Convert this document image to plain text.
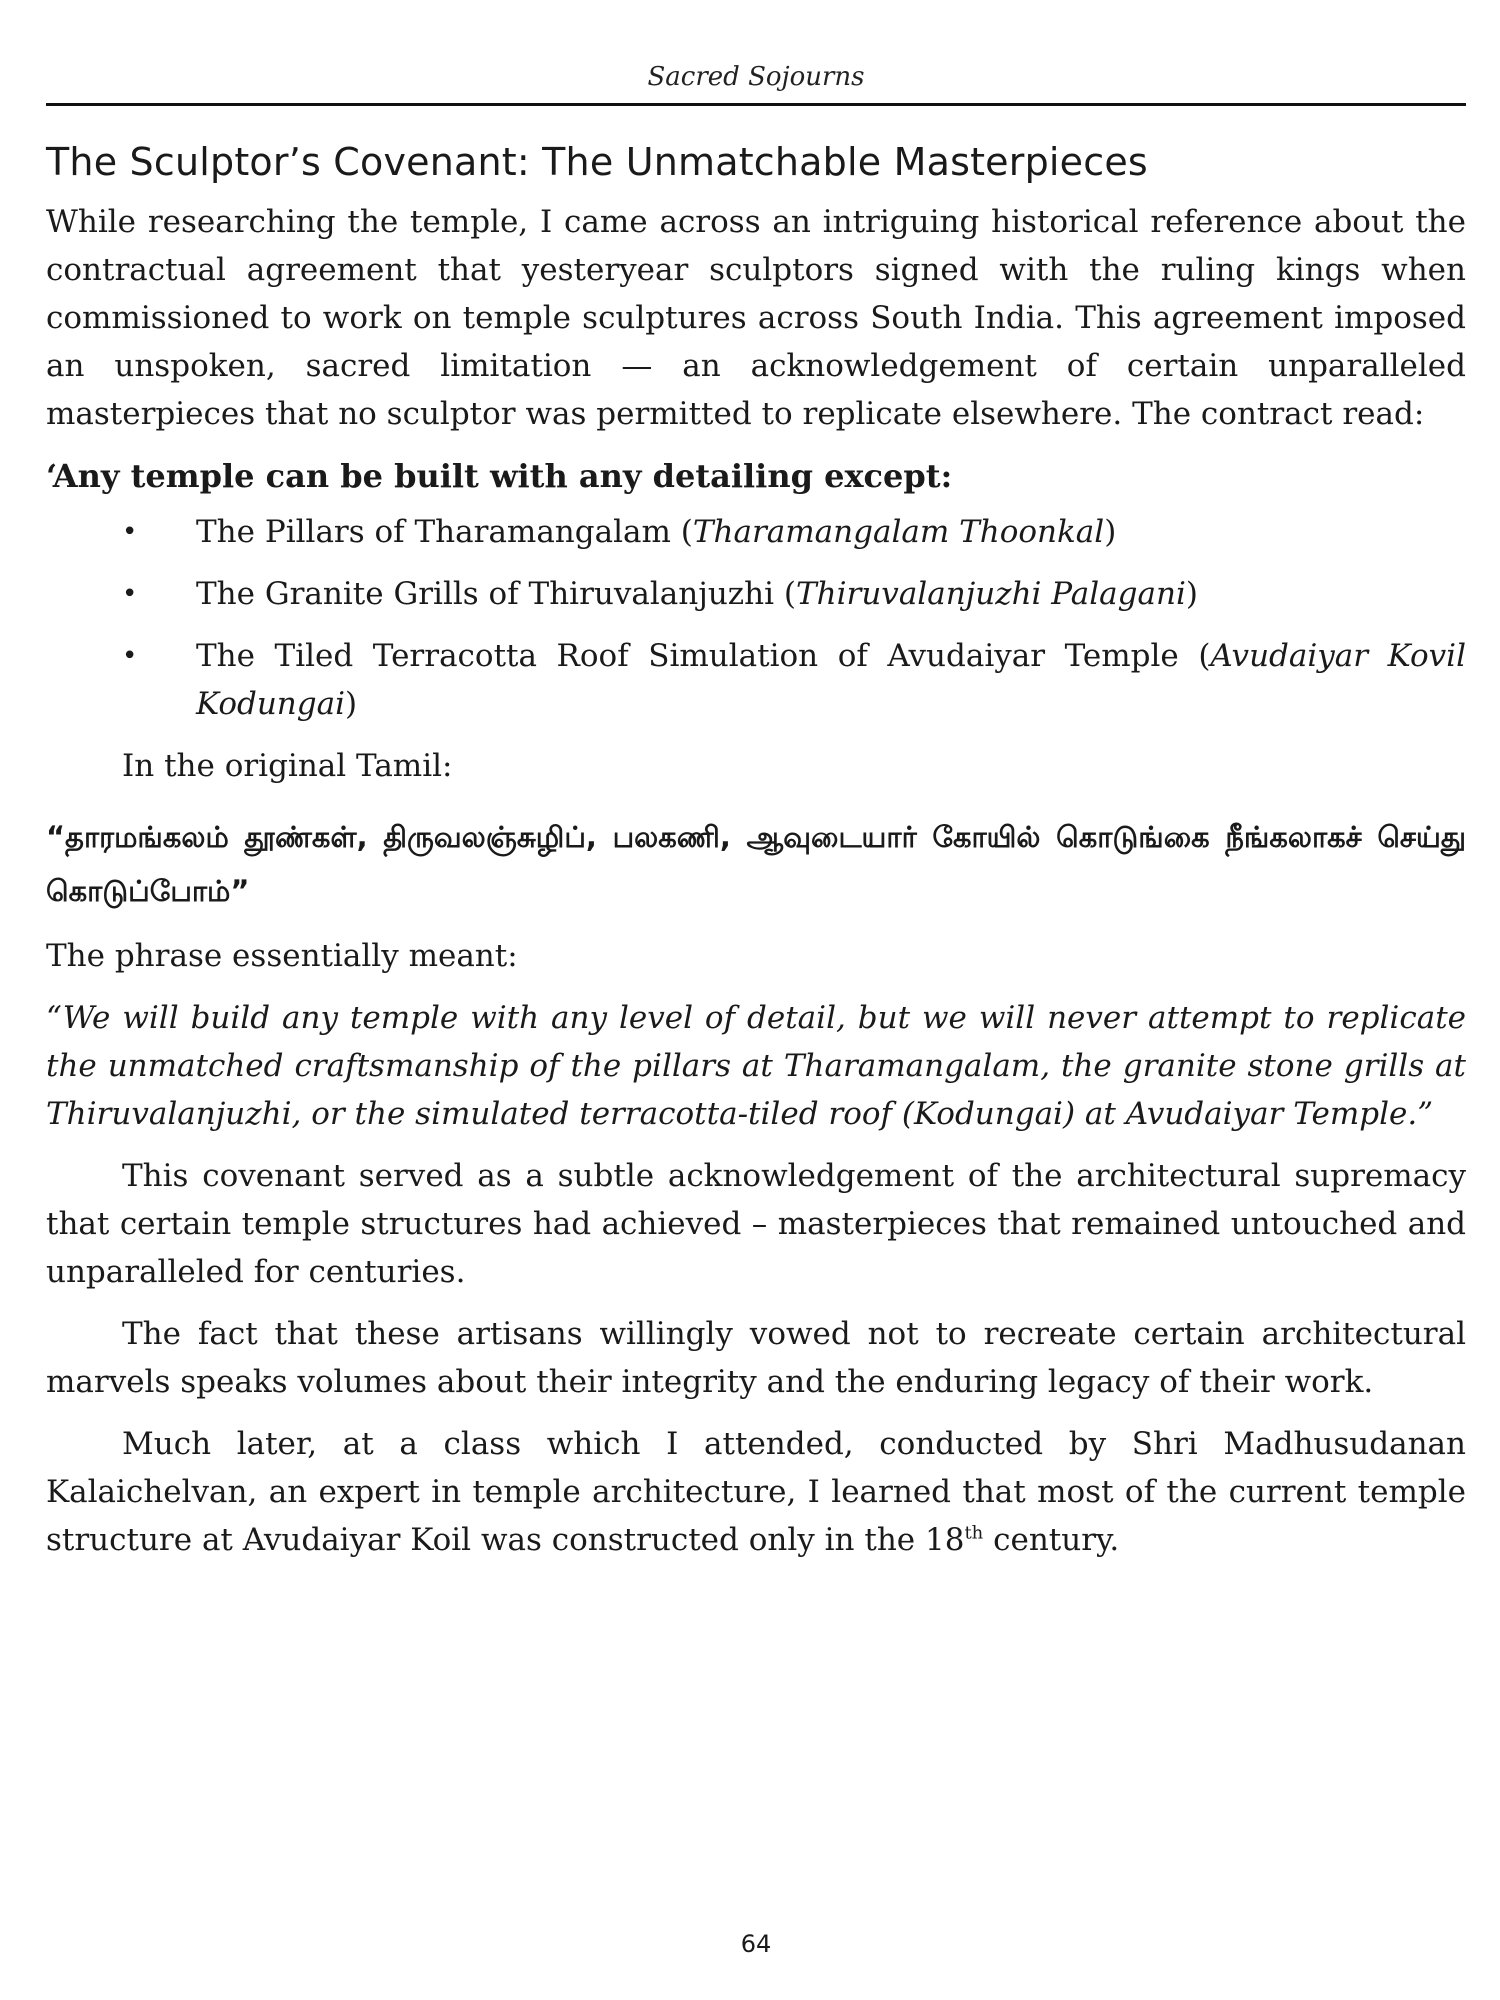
Sacred Sojourns
The Sculptor’s Covenant: The Unmatchable Masterpieces

While researching the temple, I came across an intriguing historical reference about the contractual agreement that yesteryear sculptors signed with the ruling kings when commissioned to work on temple sculptures across South India. This agreement imposed an unspoken, sacred limitation — an acknowledgement of certain unparalleled masterpieces that no sculptor was permitted to replicate elsewhere. The contract read:

‘Any temple can be built with any detailing except:

• The Pillars of Tharamangalam (Tharamangalam Thoonkal)
• The Granite Grills of Thiruvalanjuzhi (Thiruvalanjuzhi Palagani)
• The Tiled Terracotta Roof Simulation of Avudaiyar Temple (Avudaiyar Kovil Kodungai)

In the original Tamil:

“தாரமங்கலம் தூண்கள், திருவலஞ்சுழிப், பலகணி, ஆவுடையார் கோயில் கொடுங்கை நீங்கலாகச் செய்து கொடுப்போம்”

The phrase essentially meant:

“We will build any temple with any level of detail, but we will never attempt to replicate the unmatched craftsmanship of the pillars at Tharamangalam, the granite stone grills at Thiruvalanjuzhi, or the simulated terracotta-tiled roof (Kodungai) at Avudaiyar Temple.”

This covenant served as a subtle acknowledgement of the architectural supremacy that certain temple structures had achieved – masterpieces that remained untouched and unparalleled for centuries.

The fact that these artisans willingly vowed not to recreate certain architectural marvels speaks volumes about their integrity and the enduring legacy of their work.

Much later, at a class which I attended, conducted by Shri Madhusudanan Kalaichelvan, an expert in temple architecture, I learned that most of the current temple structure at Avudaiyar Koil was constructed only in the 18th century.

64
